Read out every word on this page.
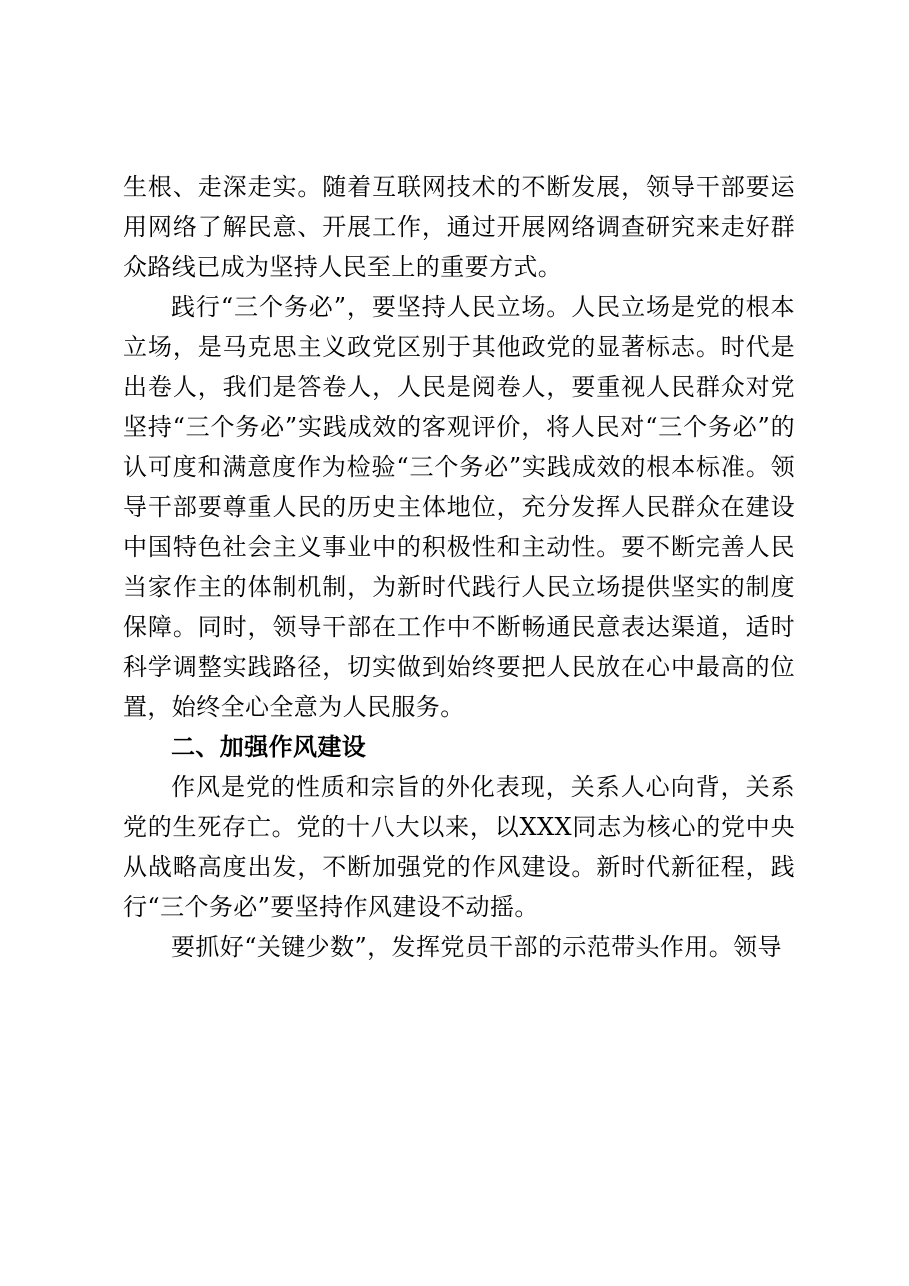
生根、走深走实。随着互联网技术的不断发展，领导干部要运用网络了解民意、开展工作，通过开展网络调查研究来走好群众路线已成为坚持人民至上的重要方式。

践行“三个务必”，要坚持人民立场。人民立场是党的根本立场，是马克思主义政党区别于其他政党的显著标志。时代是出卷人，我们是答卷人，人民是阅卷人，要重视人民群众对党坚持“三个务必”实践成效的客观评价，将人民对“三个务必”的认可度和满意度作为检验“三个务必”实践成效的根本标准。领导干部要尊重人民的历史主体地位，充分发挥人民群众在建设中国特色社会主义事业中的积极性和主动性。要不断完善人民当家作主的体制机制，为新时代践行人民立场提供坚实的制度保障。同时，领导干部在工作中不断畅通民意表达渠道，适时科学调整实践路径，切实做到始终要把人民放在心中最高的位置，始终全心全意为人民服务。

二、加强作风建设

作风是党的性质和宗旨的外化表现，关系人心向背，关系党的生死存亡。党的十八大以来，以XXX同志为核心的党中央从战略高度出发，不断加强党的作风建设。新时代新征程，践行“三个务必”要坚持作风建设不动摇。

要抓好“关键少数”，发挥党员干部的示范带头作用。领导
